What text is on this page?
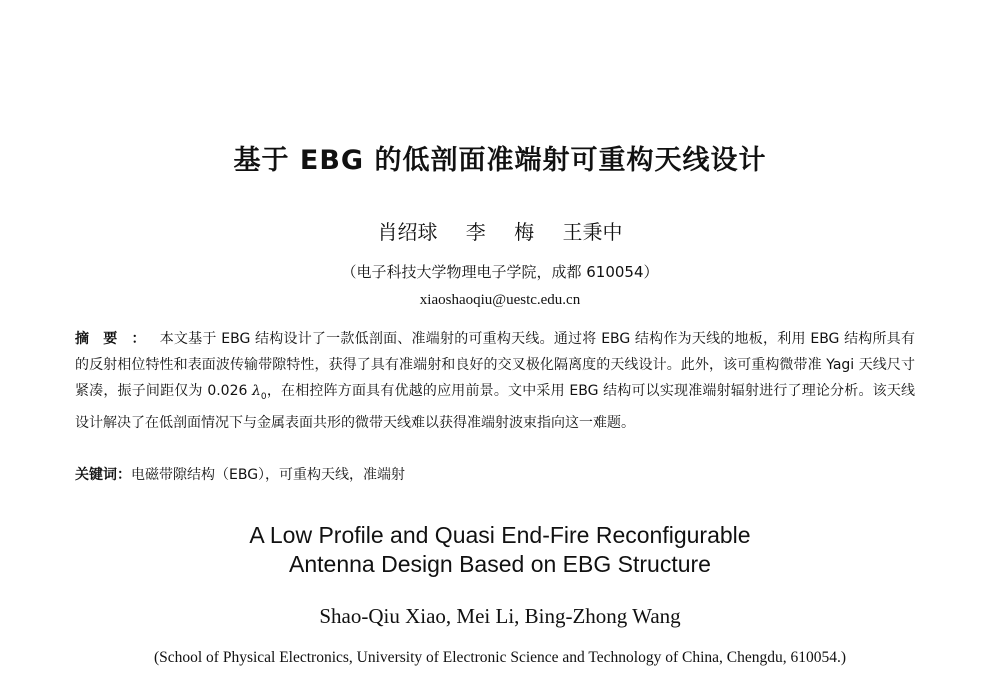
基于 EBG 的低剖面准端射可重构天线设计
肖绍球 李 梅 王秉中
（电子科技大学物理电子学院，成都 610054）
xiaoshaoqiu@uestc.edu.cn
摘要：本文基于 EBG 结构设计了一款低剖面、准端射的可重构天线。通过将 EBG 结构作为天线的地板，利用 EBG 结构所具有的反射相位特性和表面波传输带隙特性，获得了具有准端射和良好的交叉极化隔离度的天线设计。此外，该可重构微带准 Yagi 天线尺寸紧凑，振子间距仅为 0.026 $\lambda_0$，在相控阵方面具有优越的应用前景。文中采用 EBG 结构可以实现准端射辐射进行了理论分析。该天线设计解决了在低剖面情况下与金属表面共形的微带天线难以获得准端射波束指向这一难题。
关键词：电磁带隙结构（EBG），可重构天线，准端射
A Low Profile and Quasi End-Fire Reconfigurable
Antenna Design Based on EBG Structure
Shao-Qiu Xiao, Mei Li, Bing-Zhong Wang
(School of Physical Electronics, University of Electronic Science and Technology of China, Chengdu, 610054.)
